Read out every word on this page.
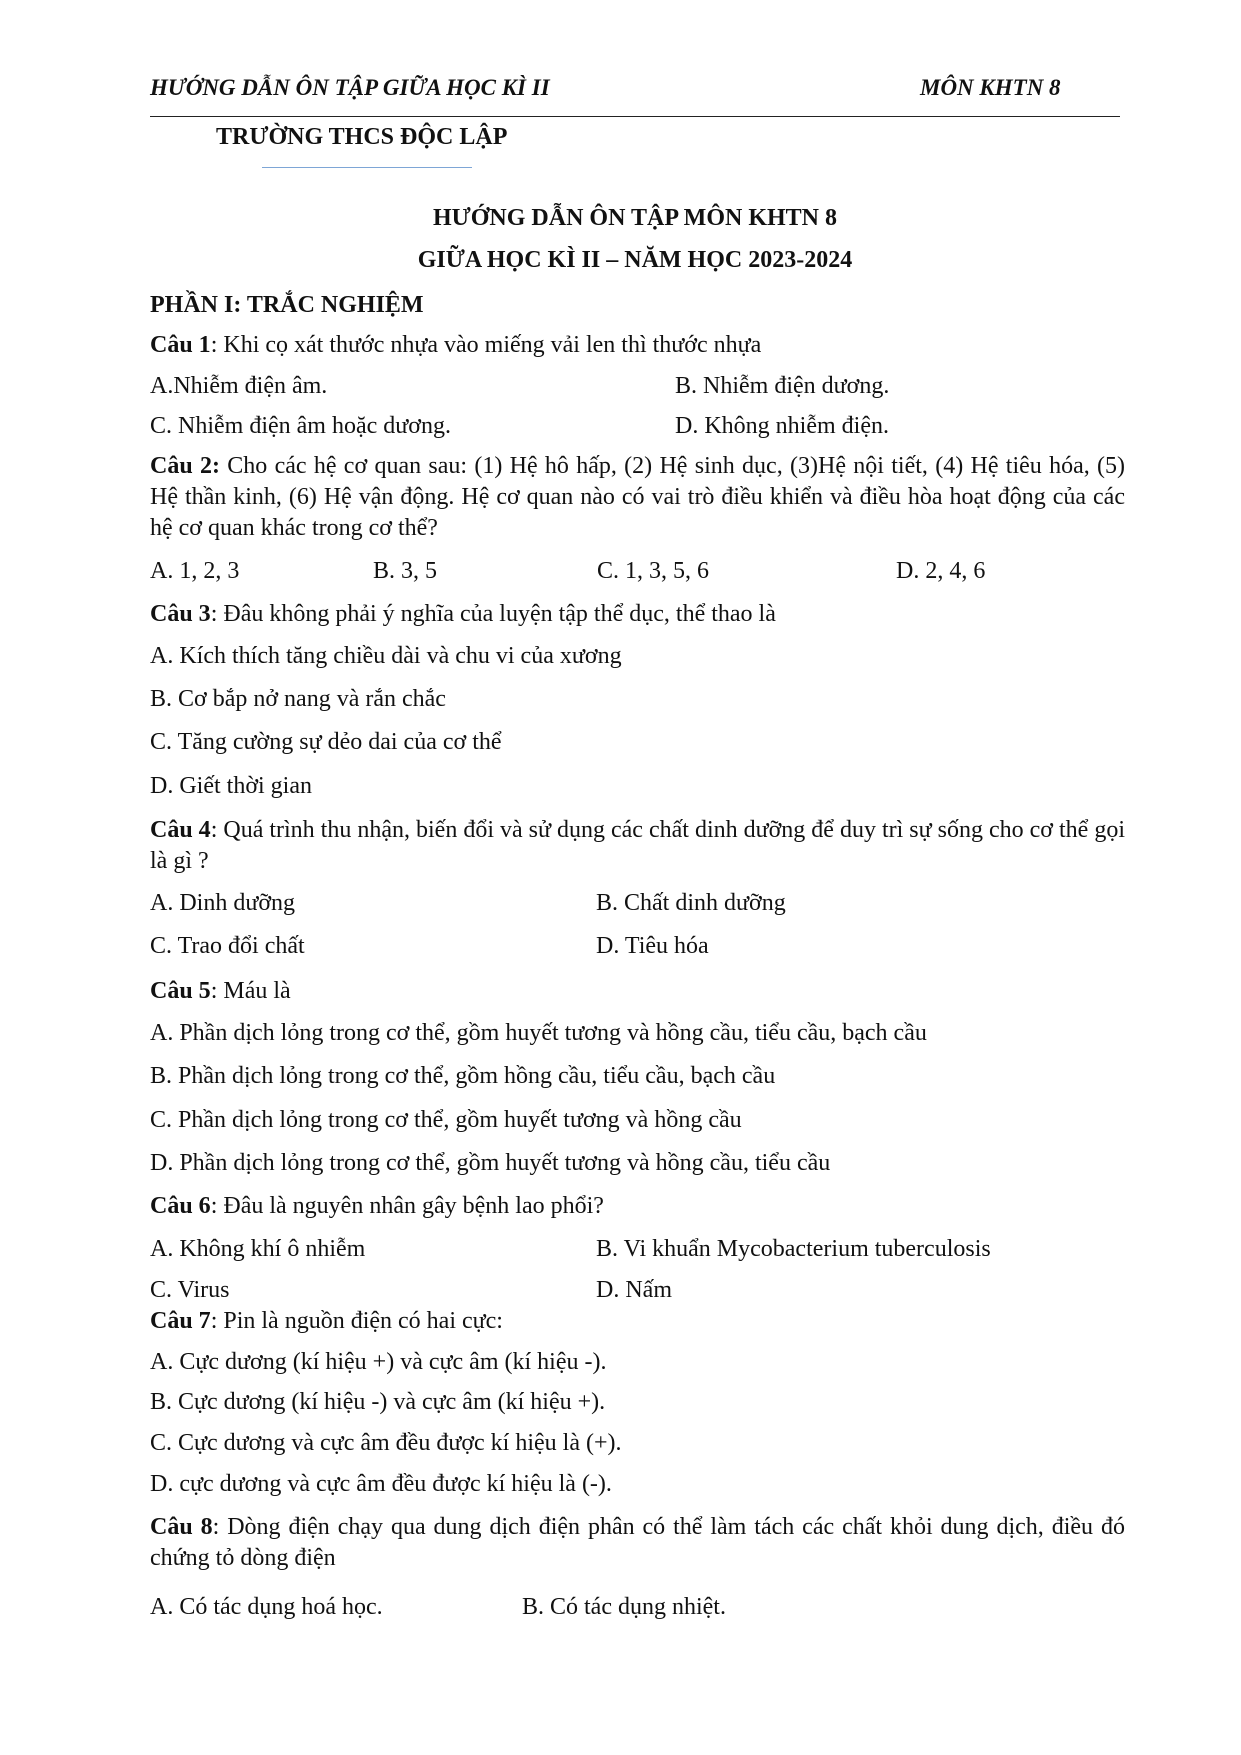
HƯỚNG DẪN ÔN TẬP GIỮA HỌC KÌ II	MÔN KHTN 8
TRƯỜNG THCS ĐỘC LẬP
HƯỚNG DẪN ÔN TẬP MÔN KHTN 8
GIỮA HỌC KÌ II – NĂM HỌC 2023-2024
PHẦN I: TRẮC NGHIỆM
Câu 1: Khi cọ xát thước nhựa vào miếng vải len thì thước nhựa
A.Nhiễm điện âm.	B. Nhiễm điện dương.
C. Nhiễm điện âm hoặc dương.	D. Không nhiễm điện.
Câu 2: Cho các hệ cơ quan sau: (1) Hệ hô hấp, (2) Hệ sinh dục, (3)Hệ nội tiết, (4) Hệ tiêu hóa, (5) Hệ thần kinh, (6) Hệ vận động. Hệ cơ quan nào có vai trò điều khiển và điều hòa hoạt động của các hệ cơ quan khác trong cơ thể?
A. 1, 2, 3	B. 3, 5	C. 1, 3, 5, 6	D. 2, 4, 6
Câu 3: Đâu không phải ý nghĩa của luyện tập thể dục, thể thao là
A. Kích thích tăng chiều dài và chu vi của xương
B. Cơ bắp nở nang và rắn chắc
C. Tăng cường sự dẻo dai của cơ thể
D. Giết thời gian
Câu 4: Quá trình thu nhận, biến đổi và sử dụng các chất dinh dưỡng để duy trì sự sống cho cơ thể gọi là gì ?
A. Dinh dưỡng	B. Chất dinh dưỡng
C. Trao đổi chất	D. Tiêu hóa
Câu 5: Máu là
A. Phần dịch lỏng trong cơ thể, gồm huyết tương và hồng cầu, tiểu cầu, bạch cầu
B. Phần dịch lỏng trong cơ thể, gồm hồng cầu, tiểu cầu, bạch cầu
C. Phần dịch lỏng trong cơ thể, gồm huyết tương và hồng cầu
D. Phần dịch lỏng trong cơ thể, gồm huyết tương và hồng cầu, tiểu cầu
Câu 6: Đâu là nguyên nhân gây bệnh lao phổi?
A. Không khí ô nhiễm	B. Vi khuẩn Mycobacterium tuberculosis
C. Virus	D. Nấm
Câu 7: Pin là nguồn điện có hai cực:
A. Cực dương (kí hiệu +) và cực âm (kí hiệu -).
B. Cực dương (kí hiệu -) và cực âm (kí hiệu +).
C. Cực dương và cực âm đều được kí hiệu là (+).
D. cực dương và cực âm đều được kí hiệu là (-).
Câu 8: Dòng điện chạy qua dung dịch điện phân có thể làm tách các chất khỏi dung dịch, điều đó chứng tỏ dòng điện
A. Có tác dụng hoá học.	B. Có tác dụng nhiệt.
